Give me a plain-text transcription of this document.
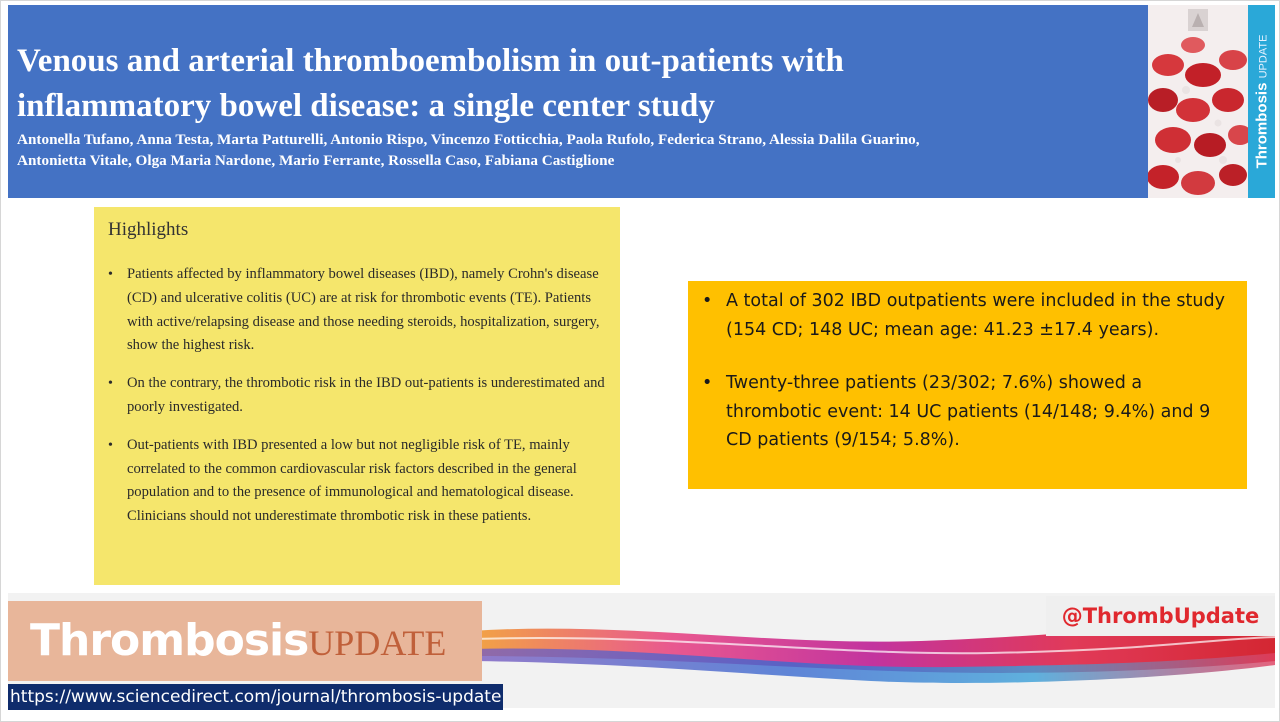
Venous and arterial thromboembolism in out-patients with
inflammatory bowel disease: a single center study
Antonella Tufano, Anna Testa, Marta Patturelli, Antonio Rispo, Vincenzo Fotticchia, Paola Rufolo, Federica Strano, Alessia Dalila Guarino,
Antonietta Vitale, Olga Maria Nardone, Mario Ferrante, Rossella Caso, Fabiana Castiglione	Thrombosis UPDATE
Highlights
• Patients affected by inflammatory bowel diseases (IBD), namely Crohn's disease (CD) and ulcerative colitis (UC) are at risk for thrombotic events (TE). Patients with active/relapsing disease and those needing steroids, hospitalization, surgery, show the highest risk.
• On the contrary, the thrombotic risk in the IBD out-patients is underestimated and poorly investigated.
• Out-patients with IBD presented a low but not negligible risk of TE, mainly correlated to the common cardiovascular risk factors described in the general population and to the presence of immunological and hematological disease. Clinicians should not underestimate thrombotic risk in these patients.
• A total of 302 IBD outpatients were included in the study (154 CD; 148 UC; mean age: 41.23 ±17.4 years).
• Twenty-three patients (23/302; 7.6%) showed a thrombotic event: 14 UC patients (14/148; 9.4%) and 9 CD patients (9/154; 5.8%).
ThrombosisUPDATE
@ThrombUpdate
https://www.sciencedirect.com/journal/thrombosis-update
